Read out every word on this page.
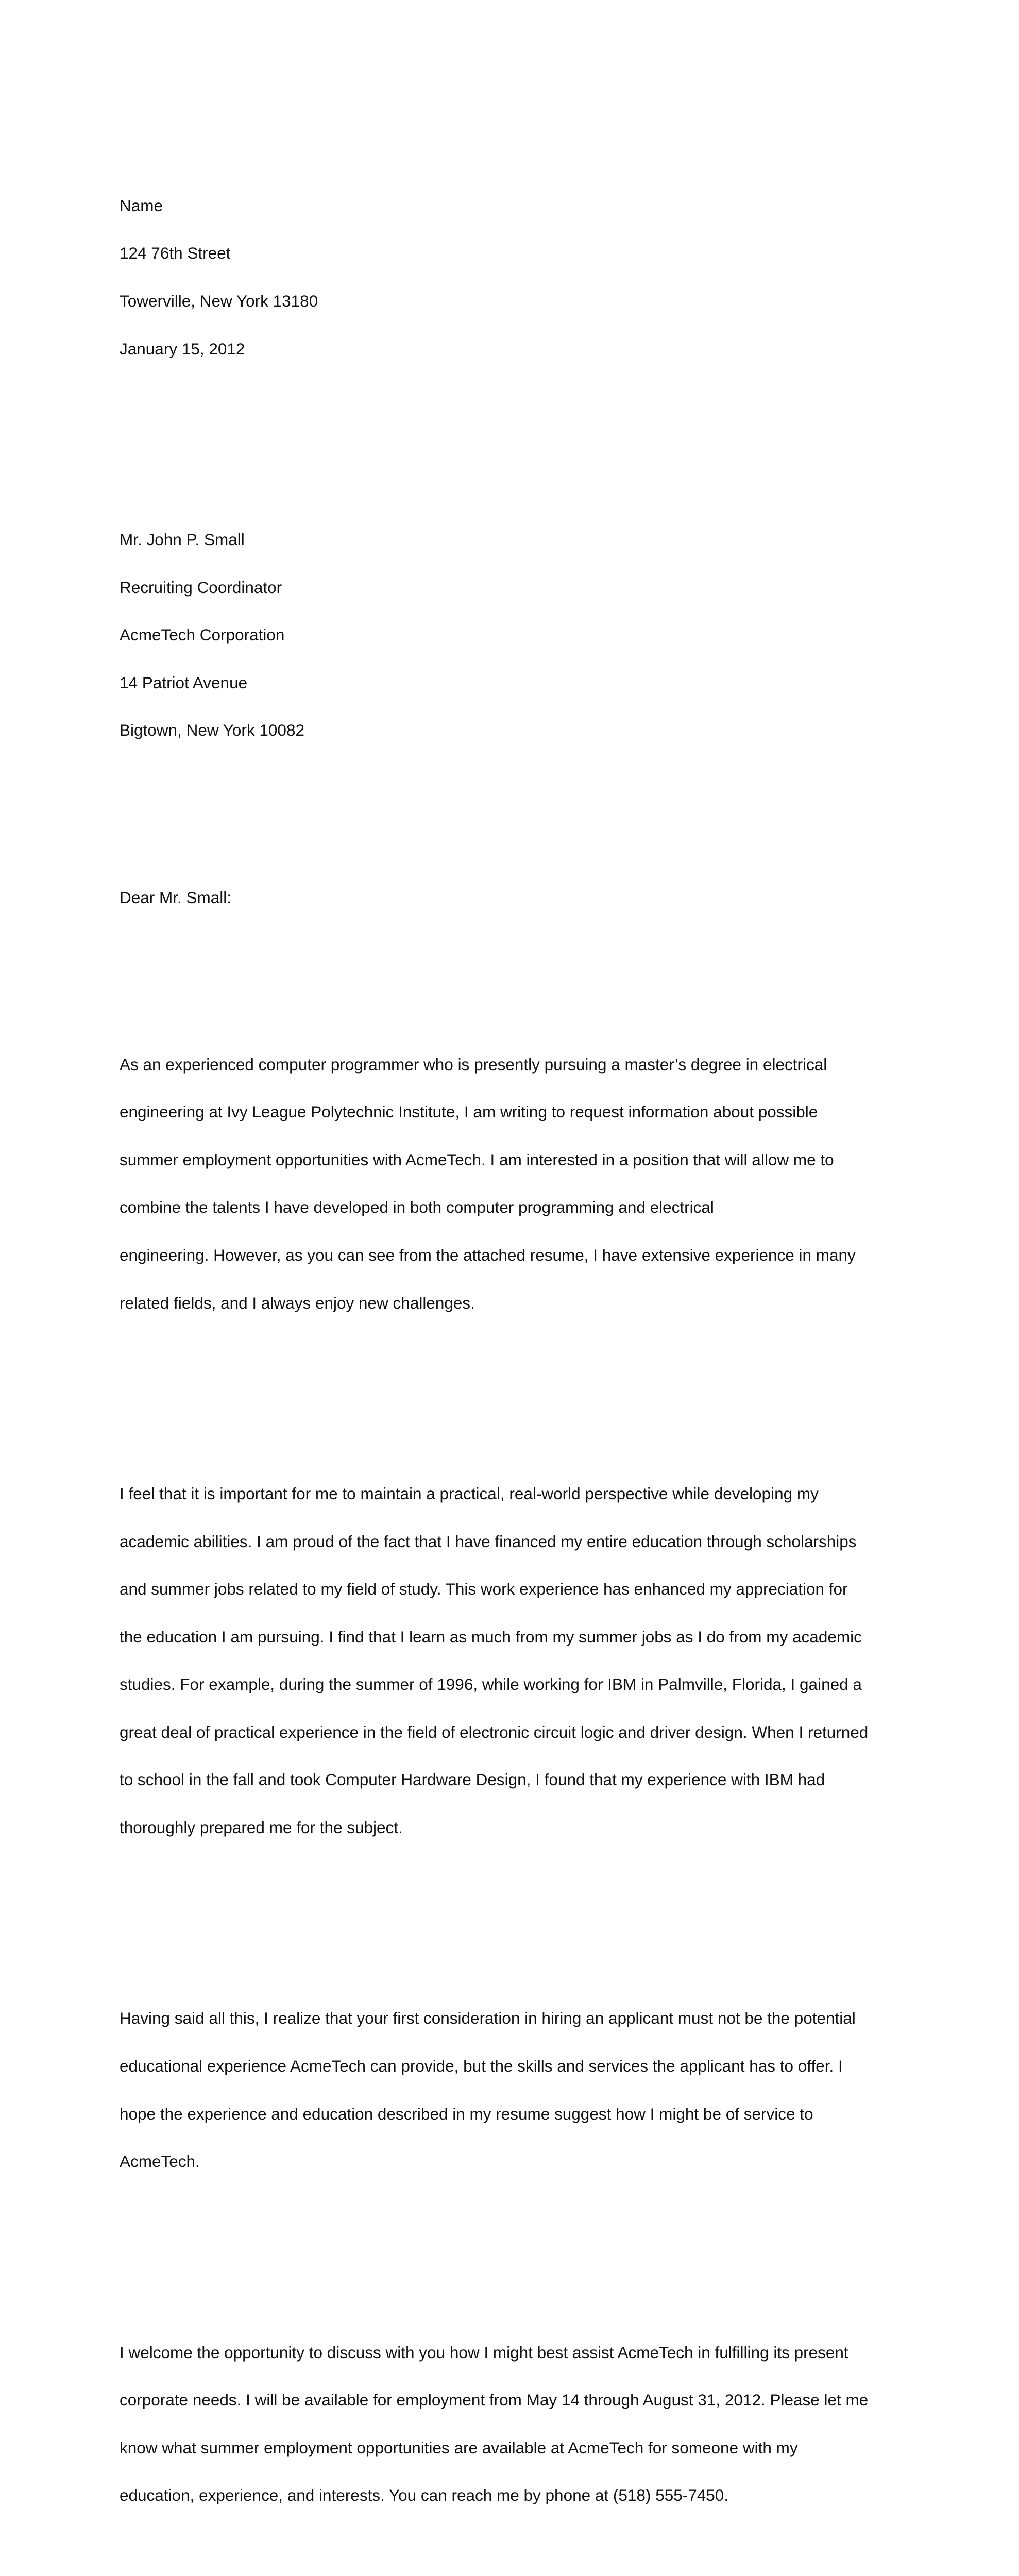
Name

124 76th Street

Towerville, New York 13180

January 15, 2012

Mr. John P. Small

Recruiting Coordinator

AcmeTech Corporation

14 Patriot Avenue

Bigtown, New York 10082

Dear Mr. Small:

As an experienced computer programmer who is presently pursuing a master’s degree in electrical

engineering at Ivy League Polytechnic Institute, I am writing to request information about possible

summer employment opportunities with AcmeTech. I am interested in a position that will allow me to

combine the talents I have developed in both computer programming and electrical

engineering. However, as you can see from the attached resume, I have extensive experience in many

related fields, and I always enjoy new challenges.

I feel that it is important for me to maintain a practical, real-world perspective while developing my

academic abilities. I am proud of the fact that I have financed my entire education through scholarships

and summer jobs related to my field of study. This work experience has enhanced my appreciation for

the education I am pursuing. I find that I learn as much from my summer jobs as I do from my academic

studies. For example, during the summer of 1996, while working for IBM in Palmville, Florida, I gained a

great deal of practical experience in the field of electronic circuit logic and driver design. When I returned

to school in the fall and took Computer Hardware Design, I found that my experience with IBM had

thoroughly prepared me for the subject.

Having said all this, I realize that your first consideration in hiring an applicant must not be the potential

educational experience AcmeTech can provide, but the skills and services the applicant has to offer. I

hope the experience and education described in my resume suggest how I might be of service to

AcmeTech.

I welcome the opportunity to discuss with you how I might best assist AcmeTech in fulfilling its present

corporate needs. I will be available for employment from May 14 through August 31, 2012. Please let me

know what summer employment opportunities are available at AcmeTech for someone with my

education, experience, and interests. You can reach me by phone at (518) 555-7450.
